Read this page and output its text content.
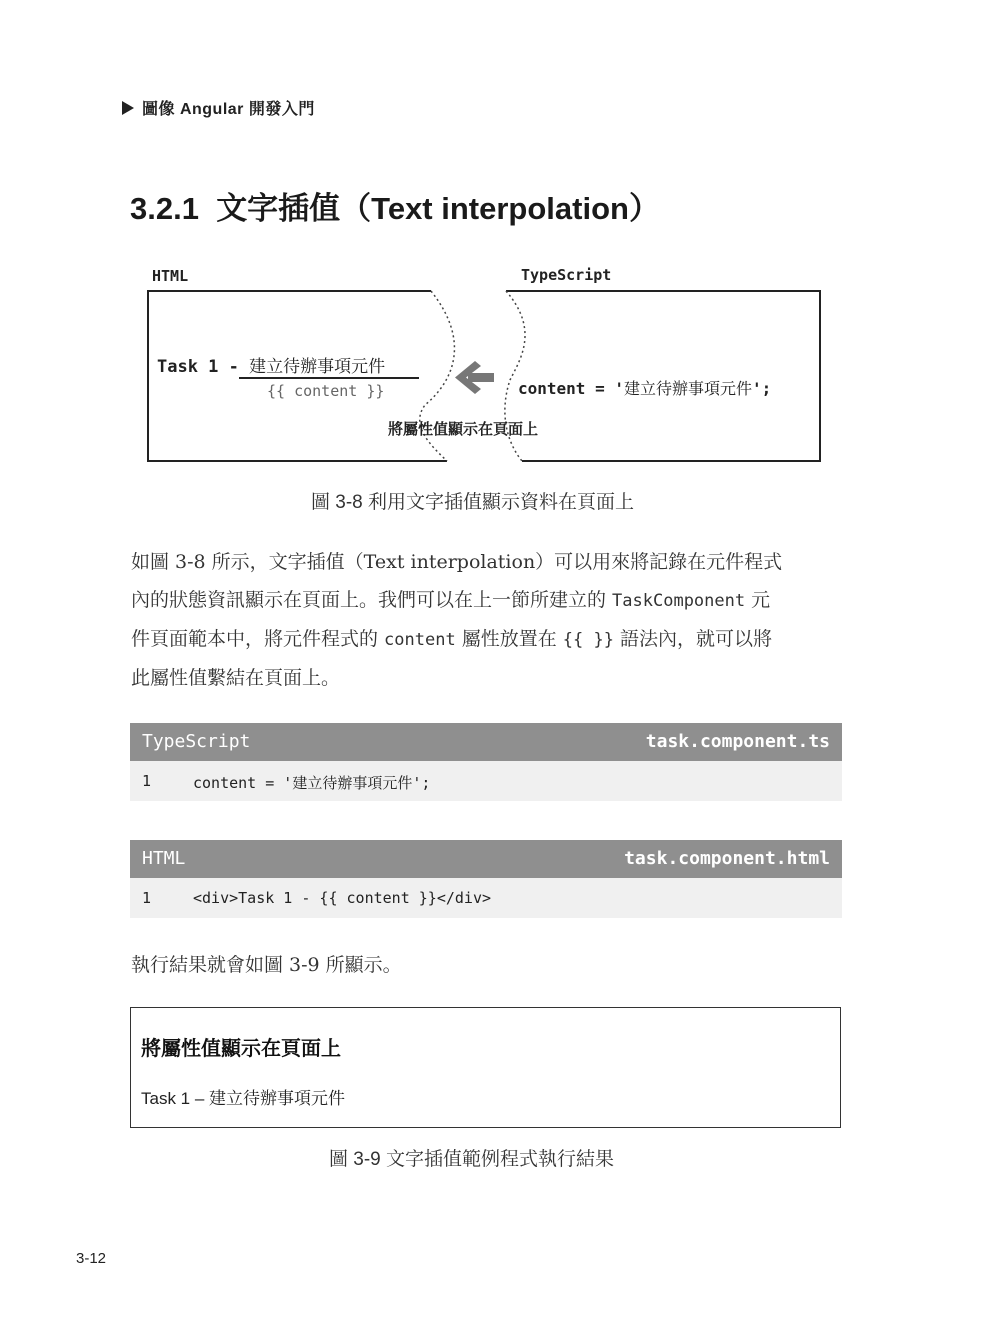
圖像 Angular 開發入門
3.2.1 文字插值（Text interpolation）
HTML	TypeScript
Task 1 - 建立待辦事項元件
{{ content }}	content = '建立待辦事項元件';
將屬性值顯示在頁面上
圖 3-8 利用文字插值顯示資料在頁面上

如圖 3-8 所示，文字插值（Text interpolation）可以用來將記錄在元件程式

內的狀態資訊顯示在頁面上。我們可以在上一節所建立的 TaskComponent 元

件頁面範本中，將元件程式的 content 屬性放置在 {{ }} 語法內，就可以將

此屬性值繫結在頁面上。

TypeScript	task.component.ts
1	content = '建立待辦事項元件';
HTML	task.component.html
1	<div>Task 1 - {{ content }}</div>
執行結果就會如圖 3-9 所顯示。
將屬性值顯示在頁面上
Task 1 – 建立待辦事項元件
圖 3-9 文字插值範例程式執行結果
3-12
